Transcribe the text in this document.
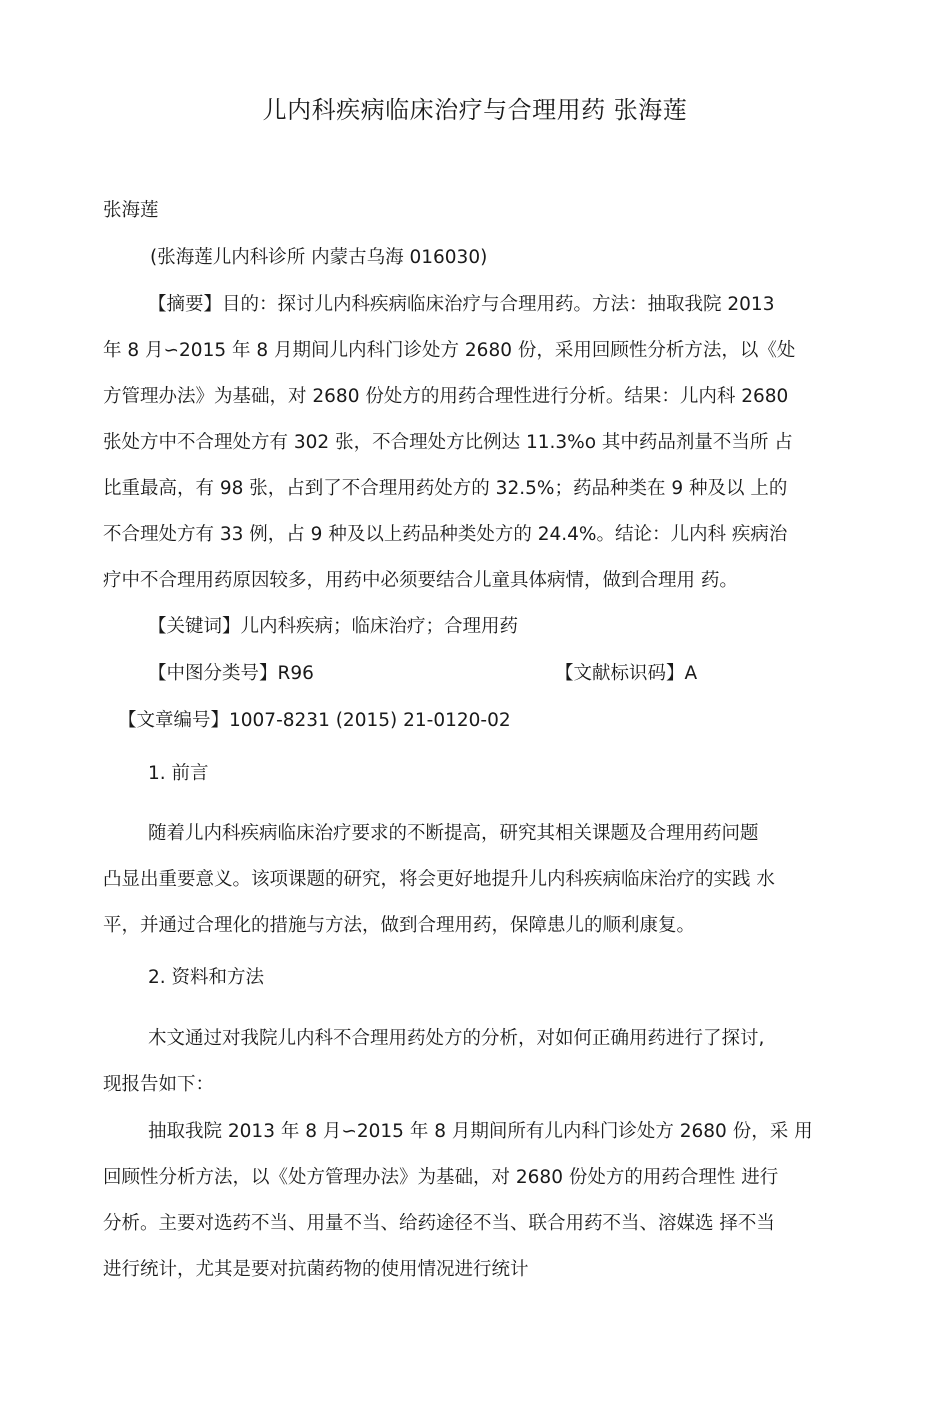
儿内科疾病临床治疗与合理用药 张海莲
张海莲
(张海莲儿内科诊所 内蒙古乌海 016030)
【摘要】目的：探讨儿内科疾病临床治疗与合理用药。方法：抽取我院 2013
年 8 月∽2015 年 8 月期间儿内科门诊处方 2680 份，采用回顾性分析方法，以《处
方管理办法》为基础，对 2680 份处方的用药合理性进行分析。结果：儿内科 2680
张处方中不合理处方有 302 张，不合理处方比例达 11.3%o 其中药品剂量不当所 占
比重最高，有 98 张，占到了不合理用药处方的 32.5%；药品种类在 9 种及以 上的
不合理处方有 33 例，占 9 种及以上药品种类处方的 24.4%。结论：儿内科 疾病治
疗中不合理用药原因较多，用药中必须要结合儿童具体病情，做到合理用 药。
【关键词】儿内科疾病；临床治疗；合理用药
【中图分类号】R96	【文献标识码】A
【文章编号】1007-8231 (2015) 21-0120-02
1. 前言
随着儿内科疾病临床治疗要求的不断提高，研究其相关课题及合理用药问题
凸显出重要意义。该项课题的研究，将会更好地提升儿内科疾病临床治疗的实践 水
平，并通过合理化的措施与方法，做到合理用药，保障患儿的顺利康复。
2. 资料和方法
木文通过对我院儿内科不合理用药处方的分析，对如何正确用药进行了探讨,
现报告如下：
抽取我院 2013 年 8 月∽2015 年 8 月期间所有儿内科门诊处方 2680 份，采 用
回顾性分析方法，以《处方管理办法》为基础，对 2680 份处方的用药合理性 进行
分析。主要对选药不当、用量不当、给药途径不当、联合用药不当、溶媒选 择不当
进行统计，尤其是要对抗菌药物的使用情况进行统计
